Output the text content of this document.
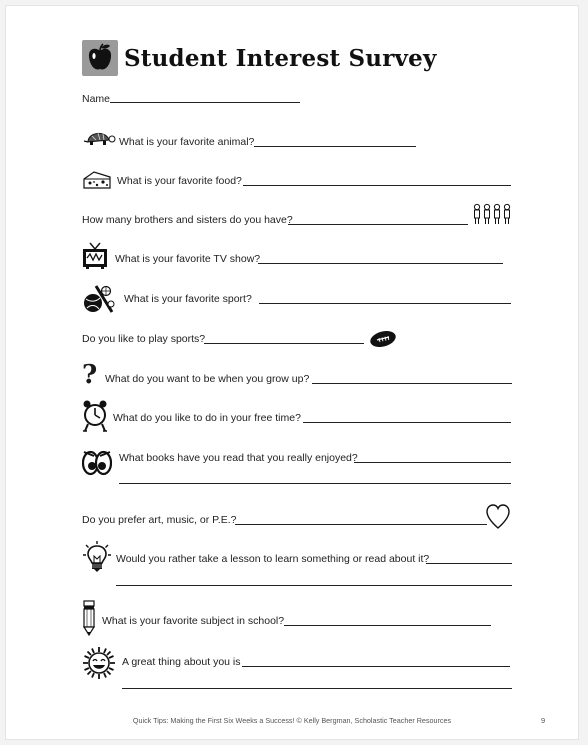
Student Interest Survey
Name
What is your favorite animal?
What is your favorite food?
How many brothers and sisters do you have?
What is your favorite TV show?
What is your favorite sport?
Do you like to play sports?
? What do you want to be when you grow up?
What do you like to do in your free time?
What books have you read that you really enjoyed?
Do you prefer art, music, or P.E.?
Would you rather take a lesson to learn something or read about it?
What is your favorite subject in school?
A great thing about you is
Quick Tips: Making the First Six Weeks a Success! © Kelly Bergman, Scholastic Teacher Resources	9
